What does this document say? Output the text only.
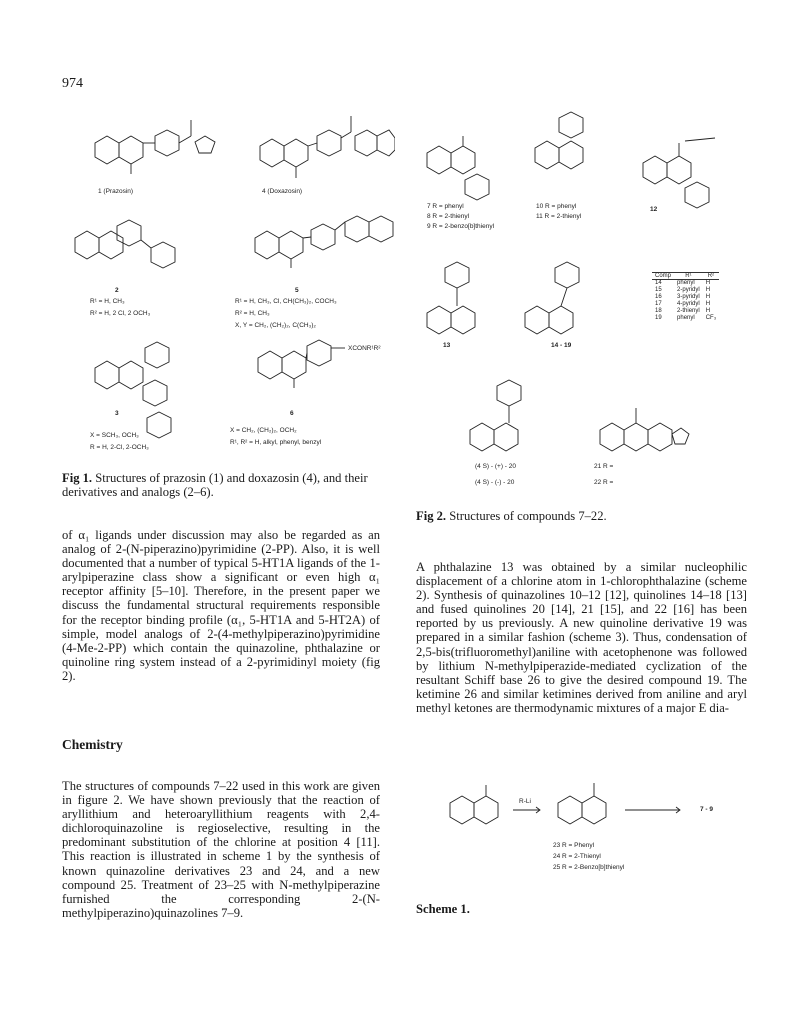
974
1 (Prazosin)	4 (Doxazosin)
2
R¹ = H, CH₃
R² = H, 2 Cl, 2 OCH₃
5
R¹ = H, CH₃, Cl, CH(CH₃)₂, COCH₃
R² = H, CH₃
X, Y = CH₂, (CH₂)₂, C(CH₃)₂
XCONR¹R²
3
X = SCH₃, OCH₃
R = H, 2-Cl, 2-OCH₃
6
X = CH₂, (CH₂)₂, OCH₂
R¹, R² = H, alkyl, phenyl, benzyl
Fig 1. Structures of prazosin (1) and doxazosin (4), and their derivatives and analogs (2–6).
7 R = phenyl
8 R = 2-thienyl
9 R = 2-benzo[b]thienyl
10 R = phenyl
11 R = 2-thienyl
12
13	14 - 19
Comp	R¹	R²
14	phenyl	H
15	2-pyridyl	H
16	3-pyridyl	H
17	4-pyridyl	H
18	2-thienyl	H
19	phenyl	CF₃
(4 S) - (+) - 20
(4 S) - (-) - 20
21 R =
22 R =
Fig 2. Structures of compounds 7–22.
of α₁ ligands under discussion may also be regarded as an analog of 2-(N-piperazino)pyrimidine (2-PP). Also, it is well documented that a number of typical 5-HT1A ligands of the 1-arylpiperazine class show a significant or even high α₁ receptor affinity [5–10]. Therefore, in the present paper we discuss the fundamental structural requirements responsible for the receptor binding profile (α₁, 5-HT1A and 5-HT2A) of simple, model analogs of 2-(4-methylpiperazino)pyrimidine (4-Me-2-PP) which contain the quinazoline, phthalazine or quinoline ring system instead of a 2-pyrimidinyl moiety (fig 2).
Chemistry
The structures of compounds 7–22 used in this work are given in figure 2. We have shown previously that the reaction of aryllithium and heteroaryllithium reagents with 2,4-dichloroquinazoline is regioselective, resulting in the predominant substitution of the chlorine at position 4 [11]. This reaction is illustrated in scheme 1 by the synthesis of known quinazoline derivatives 23 and 24, and a new compound 25. Treatment of 23–25 with N-methylpiperazine furnished the corresponding 2-(N-methylpiperazino)quinazolines 7–9.
A phthalazine 13 was obtained by a similar nucleophilic displacement of a chlorine atom in 1-chlorophthalazine (scheme 2). Synthesis of quinazolines 10–12 [12], quinolines 14–18 [13] and fused quinolines 20 [14], 21 [15], and 22 [16] has been reported by us previously. A new quinoline derivative 19 was prepared in a similar fashion (scheme 3). Thus, condensation of 2,5-bis(trifluoromethyl)aniline with acetophenone was followed by lithium N-methylpiperazide-mediated cyclization of the resultant Schiff base 26 to give the desired compound 19. The ketimine 26 and similar ketimines derived from aniline and aryl methyl ketones are thermodynamic mixtures of a major E dia-
R-Li
7 - 9
23 R = Phenyl
24 R = 2-Thienyl
25 R = 2-Benzo[b]thienyl
Scheme 1.
